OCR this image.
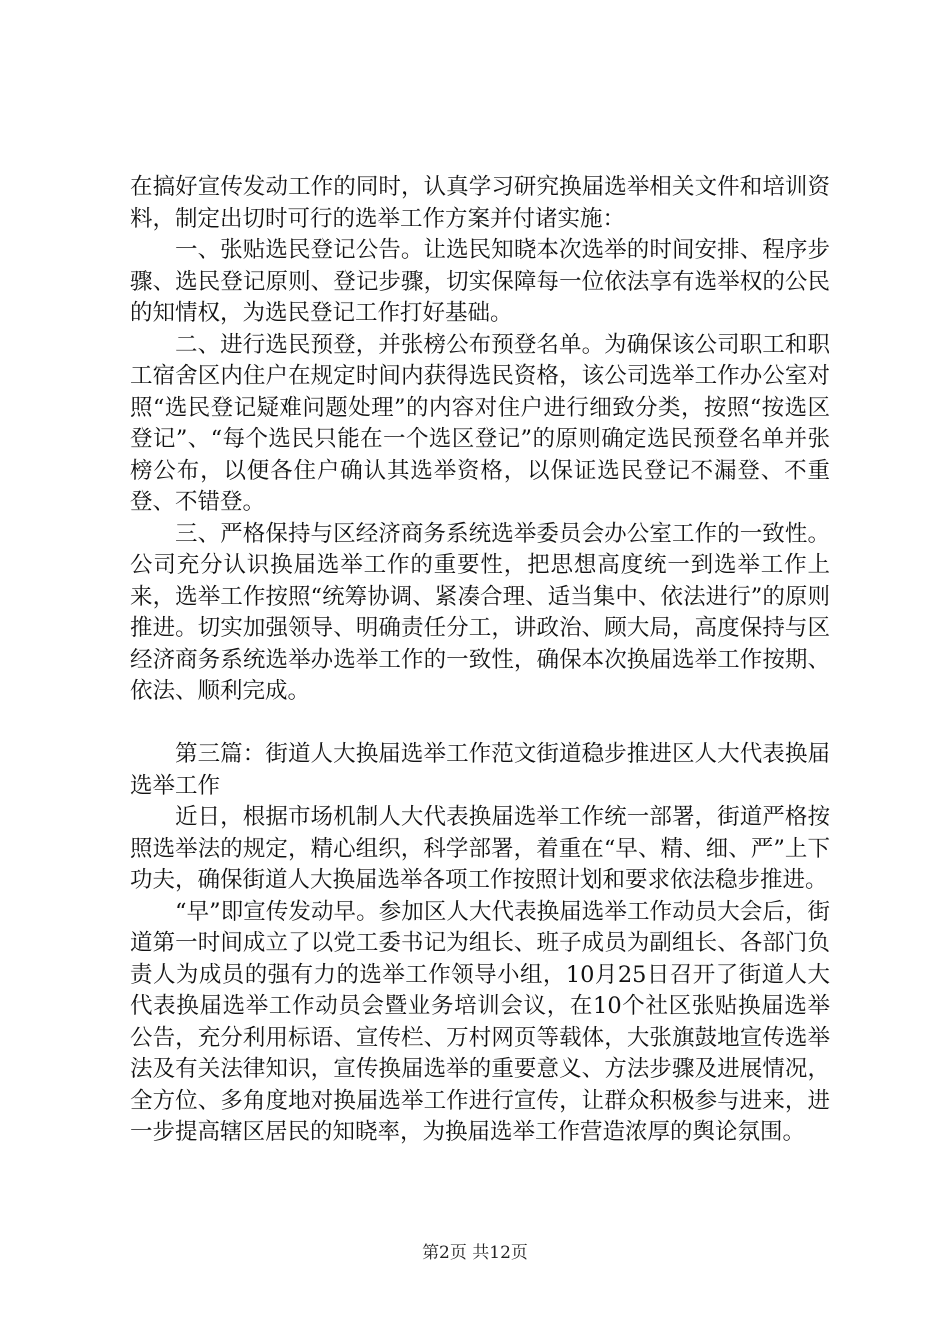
在搞好宣传发动工作的同时，认真学习研究换届选举相关文件和培训资料，制定出切时可行的选举工作方案并付诸实施：

一、张贴选民登记公告。让选民知晓本次选举的时间安排、程序步骤、选民登记原则、登记步骤，切实保障每一位依法享有选举权的公民的知情权，为选民登记工作打好基础。

二、进行选民预登，并张榜公布预登名单。为确保该公司职工和职工宿舍区内住户在规定时间内获得选民资格，该公司选举工作办公室对照“选民登记疑难问题处理”的内容对住户进行细致分类，按照“按选区登记”、“每个选民只能在一个选区登记”的原则确定选民预登名单并张榜公布，以便各住户确认其选举资格，以保证选民登记不漏登、不重登、不错登。

三、严格保持与区经济商务系统选举委员会办公室工作的一致性。公司充分认识换届选举工作的重要性，把思想高度统一到选举工作上来，选举工作按照“统筹协调、紧凑合理、适当集中、依法进行”的原则推进。切实加强领导、明确责任分工，讲政治、顾大局，高度保持与区经济商务系统选举办选举工作的一致性，确保本次换届选举工作按期、依法、顺利完成。

第三篇：街道人大换届选举工作范文街道稳步推进区人大代表换届选举工作

近日，根据市场机制人大代表换届选举工作统一部署，街道严格按照选举法的规定，精心组织，科学部署，着重在“早、精、细、严”上下功夫，确保街道人大换届选举各项工作按照计划和要求依法稳步推进。

“早”即宣传发动早。参加区人大代表换届选举工作动员大会后，街道第一时间成立了以党工委书记为组长、班子成员为副组长、各部门负责人为成员的强有力的选举工作领导小组，10月25日召开了街道人大代表换届选举工作动员会暨业务培训会议，在10个社区张贴换届选举公告，充分利用标语、宣传栏、万村网页等载体，大张旗鼓地宣传选举法及有关法律知识，宣传换届选举的重要意义、方法步骤及进展情况，全方位、多角度地对换届选举工作进行宣传，让群众积极参与进来，进一步提高辖区居民的知晓率，为换届选举工作营造浓厚的舆论氛围。

第2页 共12页
